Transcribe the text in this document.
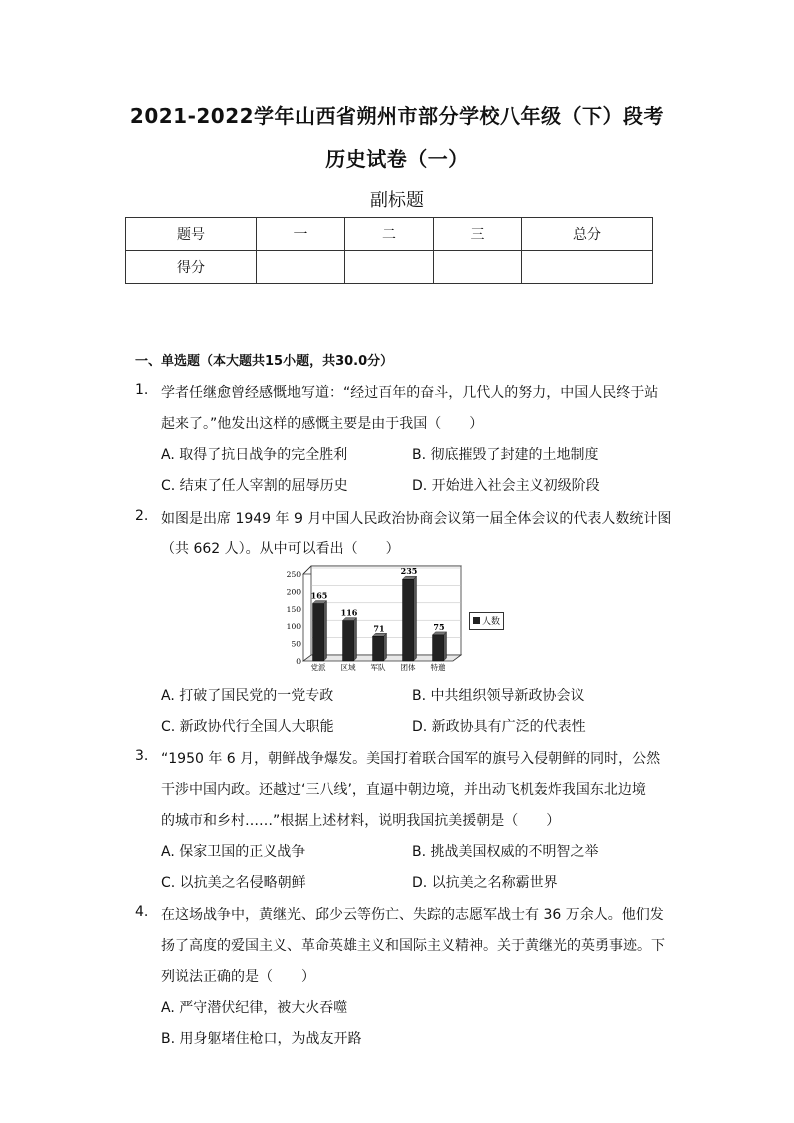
2021-2022学年山西省朔州市部分学校八年级（下）段考
历史试卷（一）
副标题
题号	一	二	三	总分
得分				
一、单选题（本大题共15小题，共30.0分）
1. 学者任继愈曾经感慨地写道：“经过百年的奋斗，几代人的努力，中国人民终于站
起来了。”他发出这样的感慨主要是由于我国（　　）
A. 取得了抗日战争的完全胜利	B. 彻底摧毁了封建的土地制度
C. 结束了任人宰割的屈辱历史	D. 开始进入社会主义初级阶段
2. 如图是出席 1949 年 9 月中国人民政治协商会议第一届全体会议的代表人数统计图
（共 662 人）。从中可以看出（　　）
0
50
100
150
200
250
165
116
71
235
75
党派 区域 军队 团体 特邀
人数
A. 打破了国民党的一党专政	B. 中共组织领导新政协会议
C. 新政协代行全国人大职能	D. 新政协具有广泛的代表性
3. “1950 年 6 月，朝鲜战争爆发。美国打着联合国军的旗号入侵朝鲜的同时，公然
干涉中国内政。还越过‘三八线’，直逼中朝边境，并出动飞机轰炸我国东北边境
的城市和乡村……”根据上述材料，说明我国抗美援朝是（　　）
A. 保家卫国的正义战争	B. 挑战美国权威的不明智之举
C. 以抗美之名侵略朝鲜	D. 以抗美之名称霸世界
4. 在这场战争中，黄继光、邱少云等伤亡、失踪的志愿军战士有 36 万余人。他们发
扬了高度的爱国主义、革命英雄主义和国际主义精神。关于黄继光的英勇事迹。下
列说法正确的是（　　）
A. 严守潜伏纪律，被大火吞噬
B. 用身躯堵住枪口，为战友开路
